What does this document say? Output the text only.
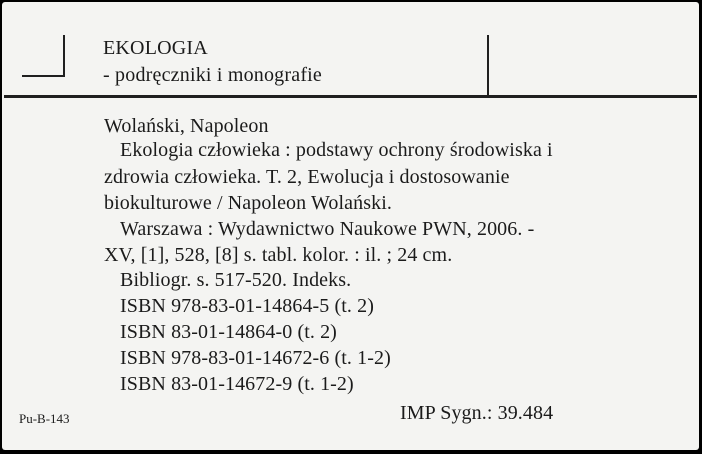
EKOLOGIA
- podręczniki i monografie
Wolański, Napoleon
Ekologia człowieka : podstawy ochrony środowiska i
zdrowia człowieka. T. 2, Ewolucja i dostosowanie
biokulturowe / Napoleon Wolański.
Warszawa : Wydawnictwo Naukowe PWN, 2006. -
XV, [1], 528, [8] s. tabl. kolor. : il. ; 24 cm.
Bibliogr. s. 517-520. Indeks.
ISBN 978-83-01-14864-5 (t. 2)
ISBN 83-01-14864-0 (t. 2)
ISBN 978-83-01-14672-6 (t. 1-2)
ISBN 83-01-14672-9 (t. 1-2)
Pu-B-143	IMP Sygn.: 39.484
